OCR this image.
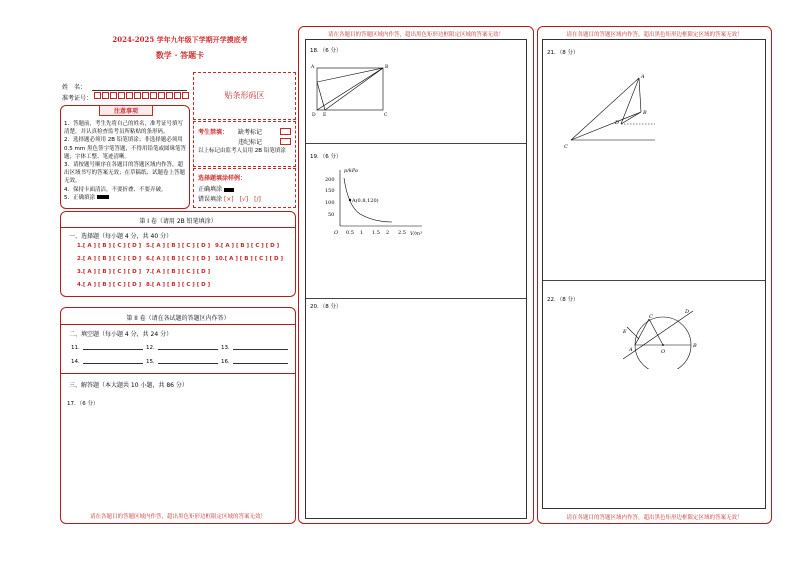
2024-2025 学年九年级下学期开学摸底考
数学 · 答题卡
姓　名：
准考证号：
注意事项
1．答题前，考生先将自己的姓名，准考证号填写清楚，并认真检查监考员所粘贴的条形码。
2．选择题必须用 2B 铅笔填涂；非选择题必须用 0.5 mm 黑色签字笔答题，不得用铅笔或圆珠笔答题；字体工整、笔迹清晰。
3．请按题号顺序在各题目的答题区域内作答，超出区域书写的答案无效；在草稿纸、试题卷上答题无效。
4．保持卡面清洁，不要折叠、不要弄破。
5．正确填涂
贴条形码区
考生禁填： 缺考标记
违纪标记
以上标记由监考人员用 2B 铅笔填涂
选择题填涂样例：
正确填涂
错误填涂 [×]　[√]　[/]
第 I 卷（请用 2B 铅笔填涂）
一、选择题（每小题 4 分，共 40 分）
1.[ A ] [ B ] [ C ] [ D ] 5.[ A ] [ B ] [ C ] [ D ] 9.[ A ] [ B ] [ C ] [ D ]
2.[ A ] [ B ] [ C ] [ D ] 6.[ A ] [ B ] [ C ] [ D ] 10.[ A ] [ B ] [ C ] [ D ]
3.[ A ] [ B ] [ C ] [ D ] 7.[ A ] [ B ] [ C ] [ D ]
4.[ A ] [ B ] [ C ] [ D ] 8.[ A ] [ B ] [ C ] [ D ]
第 II 卷（请在各试题的答题区内作答）
二、填空题（每小题 4 分，共 24 分）
11．	12．	13．
14．	15．	16．
三、解答题（本大题共 10 小题，共 86 分）
17．（6 分）
请在各题目的答题区域内作答，超出黑色矩形边框限定区域的答案无效！
请在各题目的答题区域内作答，超出黑色矩形边框限定区域的答案无效！
18．（6 分）
A	B
C
D E
19．（6 分）
p/kPa
V/m³
200
150
100
50
O 0.5 1 1.5 2 2.5
A(0.8,120)
20．（8 分）
请在各题目的答题区域内作答，超出黑色矩形边框限定区域的答案无效！
21．（8 分）
A
B
C
D
22．（8 分）
A
B
C
D
E
O
请在各题目的答题区域内作答，超出黑色矩形边框限定区域的答案无效！
